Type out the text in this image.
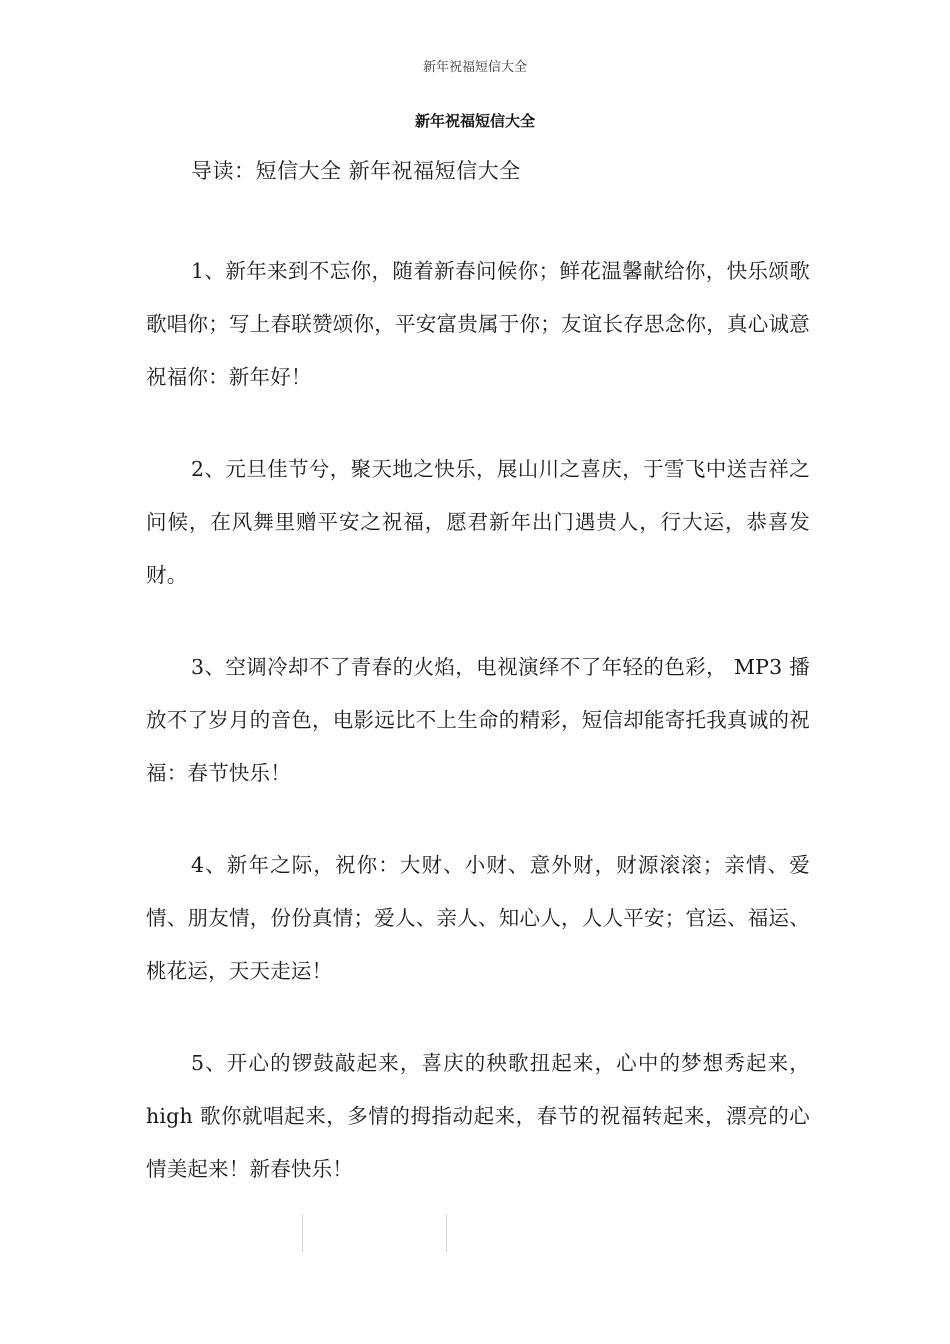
新年祝福短信大全
新年祝福短信大全
导读：短信大全 新年祝福短信大全
1、新年来到不忘你，随着新春问候你；鲜花温馨献给你，快乐颂歌歌唱你；写上春联赞颂你，平安富贵属于你；友谊长存思念你，真心诚意祝福你：新年好！
2、元旦佳节兮，聚天地之快乐，展山川之喜庆，于雪飞中送吉祥之问候，在风舞里赠平安之祝福，愿君新年出门遇贵人，行大运，恭喜发财。
3、空调冷却不了青春的火焰，电视演绎不了年轻的色彩， MP3 播放不了岁月的音色，电影远比不上生命的精彩，短信却能寄托我真诚的祝福：春节快乐！
4、新年之际，祝你：大财、小财、意外财，财源滚滚；亲情、爱情、朋友情，份份真情；爱人、亲人、知心人，人人平安；官运、福运、桃花运，天天走运！
5、开心的锣鼓敲起来，喜庆的秧歌扭起来，心中的梦想秀起来，high 歌你就唱起来，多情的拇指动起来，春节的祝福转起来，漂亮的心情美起来！新春快乐！
